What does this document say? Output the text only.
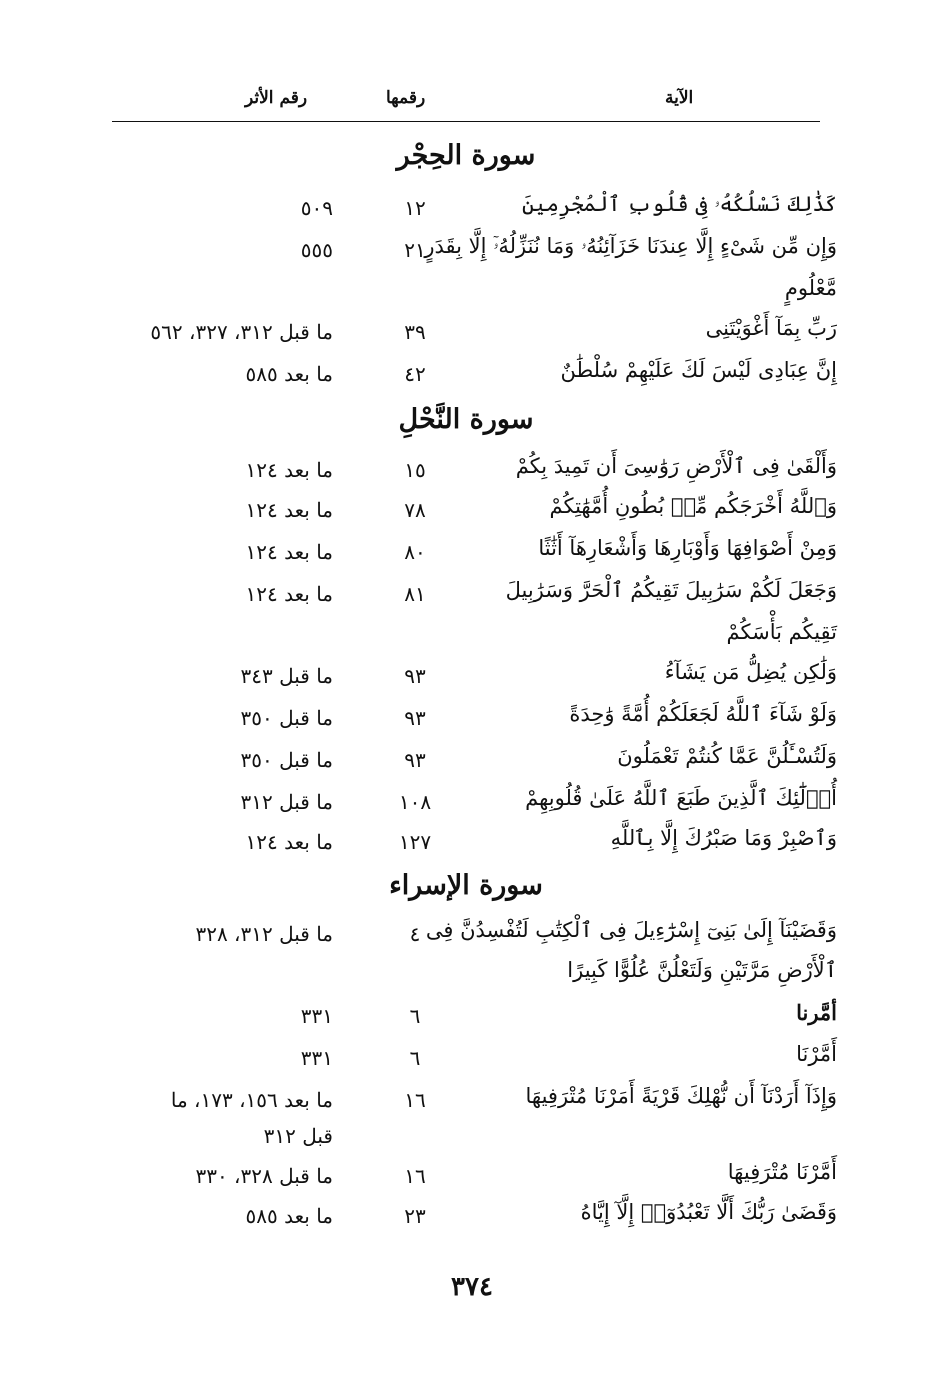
الآية
رقمها
رقم الأثر
سورة الحِجْر
كَذَٰلِكَ نَسْلُكُهُۥ فِى قُلُوبِ ٱلْمُجْرِمِينَ
١٢
٥٠٩
وَإِن مِّن شَىْءٍ إِلَّا عِندَنَا خَزَآئِنُهُۥ وَمَا نُنَزِّلُهُۥٓ إِلَّا بِقَدَرٍ
مَّعْلُومٍ
٢١
٥٥٥
رَبِّ بِمَآ أَغْوَيْتَنِى
٣٩
ما قبل ٣١٢، ٣٢٧، ٥٦٢
إِنَّ عِبَادِى لَيْسَ لَكَ عَلَيْهِمْ سُلْطَٰنٌ
٤٢
ما بعد ٥٨٥
سورة النَّحْلِ
وَأَلْقَىٰ فِى ٱلْأَرْضِ رَوَٰسِىَ أَن تَمِيدَ بِكُمْ
١٥
ما بعد ١٢٤
وَٱللَّهُ أَخْرَجَكُم مِّنۢ بُطُونِ أُمَّهَٰتِكُمْ
٧٨
ما بعد ١٢٤
وَمِنْ أَصْوَافِهَا وَأَوْبَارِهَا وَأَشْعَارِهَآ أَثَٰثًا
٨٠
ما بعد ١٢٤
وَجَعَلَ لَكُمْ سَرَٰبِيلَ تَقِيكُمُ ٱلْحَرَّ وَسَرَٰبِيلَ
تَقِيكُم بَأْسَكُمْ
٨١
ما بعد ١٢٤
وَلَٰكِن يُضِلُّ مَن يَشَآءُ
٩٣
ما قبل ٣٤٣
وَلَوْ شَآءَ ٱللَّهُ لَجَعَلَكُمْ أُمَّةً وَٰحِدَةً
٩٣
ما قبل ٣٥٠
وَلَتُسْـَٔلُنَّ عَمَّا كُنتُمْ تَعْمَلُونَ
٩٣
ما قبل ٣٥٠
أُو۟لَٰٓئِكَ ٱلَّذِينَ طَبَعَ ٱللَّهُ عَلَىٰ قُلُوبِهِمْ
١٠٨
ما قبل ٣١٢
وَٱصْبِرْ وَمَا صَبْرُكَ إِلَّا بِٱللَّهِ
١٢٧
ما بعد ١٢٤
سورة الإسراء
وَقَضَيْنَآ إِلَىٰ بَنِىٓ إِسْرَٰٓءِيلَ فِى ٱلْكِتَٰبِ لَتُفْسِدُنَّ فِى
ٱلْأَرْضِ مَرَّتَيْنِ وَلَتَعْلُنَّ عُلُوًّا كَبِيرًا
٤
ما قبل ٣١٢، ٣٢٨
أمَّرنا
٦
٣٣١
أَمَّرْنَا
٦
٣٣١
وَإِذَآ أَرَدْنَآ أَن نُّهْلِكَ قَرْيَةً أَمَرْنَا مُتْرَفِيهَا
١٦
ما بعد ١٥٦، ١٧٣، ما
قبل ٣١٢
أَمَّرْنَا مُتْرَفِيهَا
١٦
ما قبل ٣٢٨، ٣٣٠
وَقَضَىٰ رَبُّكَ أَلَّا تَعْبُدُوٓا۟ إِلَّآ إِيَّاهُ
٢٣
ما بعد ٥٨٥
٣٧٤
